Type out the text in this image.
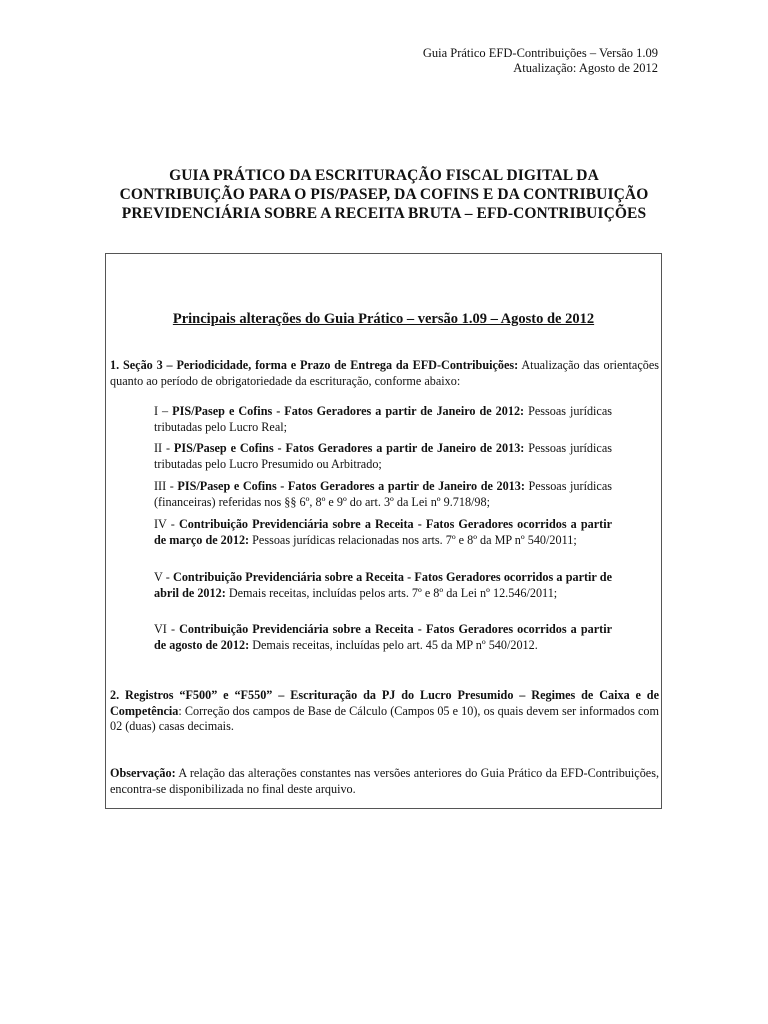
Guia Prático EFD-Contribuições – Versão 1.09
Atualização: Agosto de 2012
GUIA PRÁTICO DA ESCRITURAÇÃO FISCAL DIGITAL DA
CONTRIBUIÇÃO PARA O PIS/PASEP, DA COFINS E DA CONTRIBUIÇÃO
PREVIDENCIÁRIA SOBRE A RECEITA BRUTA – EFD-CONTRIBUIÇÕES
Principais alterações do Guia Prático – versão 1.09 – Agosto de 2012
1. Seção 3 – Periodicidade, forma e Prazo de Entrega da EFD-Contribuições: Atualização das orientações quanto ao período de obrigatoriedade da escrituração, conforme abaixo:
I – PIS/Pasep e Cofins - Fatos Geradores a partir de Janeiro de 2012: Pessoas jurídicas tributadas pelo Lucro Real;
II - PIS/Pasep e Cofins - Fatos Geradores a partir de Janeiro de 2013: Pessoas jurídicas tributadas pelo Lucro Presumido ou Arbitrado;
III - PIS/Pasep e Cofins - Fatos Geradores a partir de Janeiro de 2013: Pessoas jurídicas (financeiras) referidas nos §§ 6º, 8º e 9º do art. 3º da Lei nº 9.718/98;
IV - Contribuição Previdenciária sobre a Receita - Fatos Geradores ocorridos a partir de março de 2012: Pessoas jurídicas relacionadas nos arts. 7º e 8º da MP nº 540/2011;
V - Contribuição Previdenciária sobre a Receita - Fatos Geradores ocorridos a partir de abril de 2012: Demais receitas, incluídas pelos arts. 7º e 8º da Lei nº 12.546/2011;
VI - Contribuição Previdenciária sobre a Receita - Fatos Geradores ocorridos a partir de agosto de 2012: Demais receitas, incluídas pelo art. 45 da MP nº 540/2012.
2. Registros “F500” e “F550” – Escrituração da PJ do Lucro Presumido – Regimes de Caixa e de Competência: Correção dos campos de Base de Cálculo (Campos 05 e 10), os quais devem ser informados com 02 (duas) casas decimais.
Observação: A relação das alterações constantes nas versões anteriores do Guia Prático da EFD-Contribuições, encontra-se disponibilizada no final deste arquivo.
